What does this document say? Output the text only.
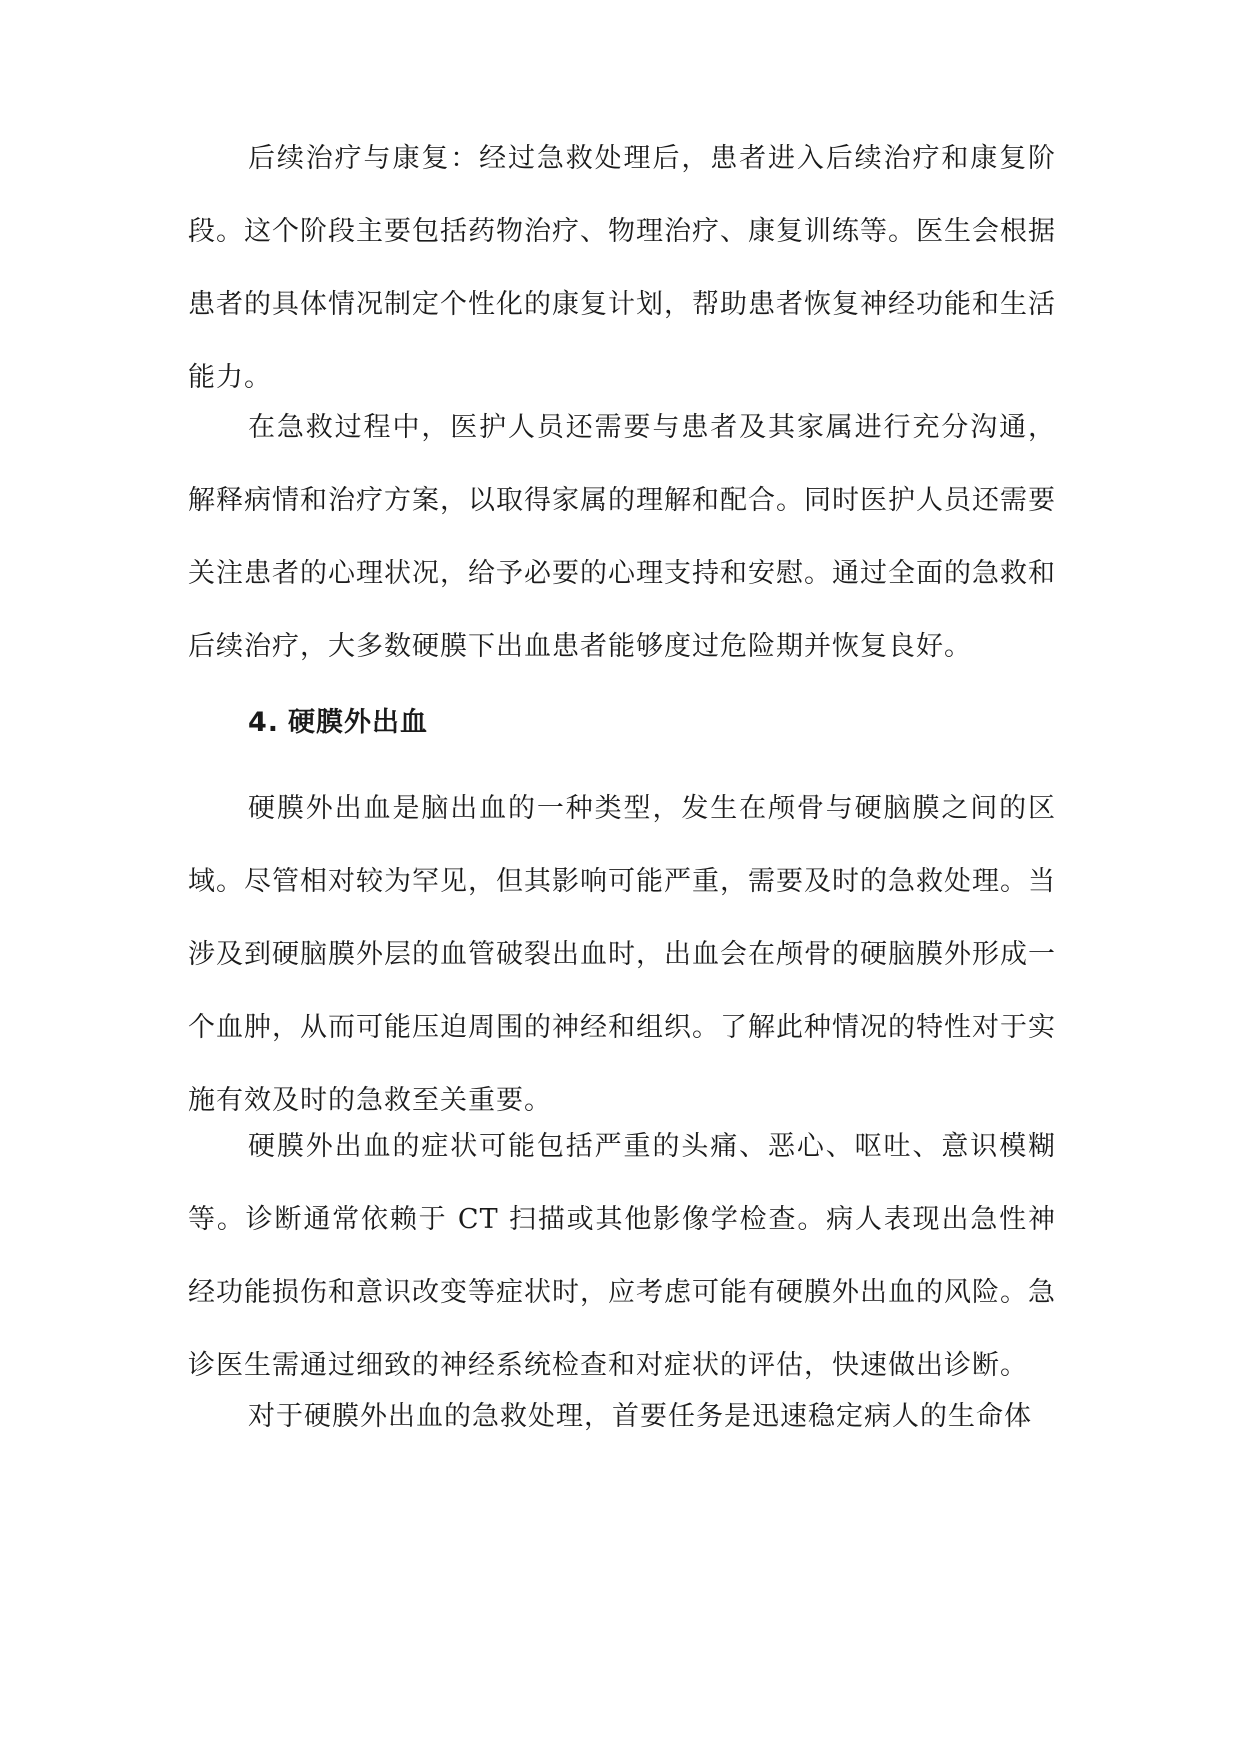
后续治疗与康复：经过急救处理后，患者进入后续治疗和康复阶段。这个阶段主要包括药物治疗、物理治疗、康复训练等。医生会根据患者的具体情况制定个性化的康复计划，帮助患者恢复神经功能和生活能力。

在急救过程中，医护人员还需要与患者及其家属进行充分沟通，解释病情和治疗方案，以取得家属的理解和配合。同时医护人员还需要关注患者的心理状况，给予必要的心理支持和安慰。通过全面的急救和后续治疗，大多数硬膜下出血患者能够度过危险期并恢复良好。

4. 硬膜外出血

硬膜外出血是脑出血的一种类型，发生在颅骨与硬脑膜之间的区域。尽管相对较为罕见，但其影响可能严重，需要及时的急救处理。当涉及到硬脑膜外层的血管破裂出血时，出血会在颅骨的硬脑膜外形成一个血肿，从而可能压迫周围的神经和组织。了解此种情况的特性对于实施有效及时的急救至关重要。

硬膜外出血的症状可能包括严重的头痛、恶心、呕吐、意识模糊等。诊断通常依赖于 CT 扫描或其他影像学检查。病人表现出急性神经功能损伤和意识改变等症状时，应考虑可能有硬膜外出血的风险。急诊医生需通过细致的神经系统检查和对症状的评估，快速做出诊断。

对于硬膜外出血的急救处理，首要任务是迅速稳定病人的生命体
